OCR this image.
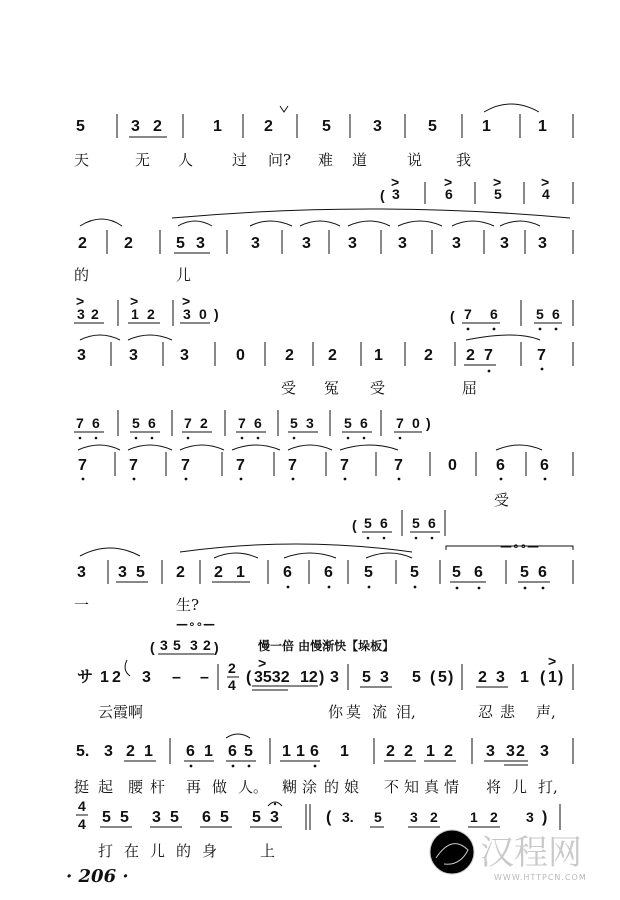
5	3 2	1	2	5	3	5	1	1
天	无 人	过 问? 难 道	说 我
( 3
>
6
>
5
>
4
>
2 2	5 3	3	3 3	3	3 3 3
的	儿
3 2
>
1 2
>
3 0
>
)	( 7 6	5 6
3	3	3	0	2 2 1	2 2 7	7
受 冤 受	屈
7 6 5 6 7 2 7 6 5 3 5 6 7 0 )
7	7	7	7	7	7	7	0 6 6
受
( 5 6 5 6
—∘∘—
3 3 5 2 2 1 6 6 5 5 5 6 5 6
一	生?
—∘∘—
( 3 5 3 2 )	慢一倍 由慢渐快【垛板】
サ 1 2 3 – –
2
4 ( 3532 12 )
>
3 5 3 5 ( 5 ) 2 3 1 ( 1 )
>
云霞啊	你 莫 流 泪,	忍 悲 声,
5. 3 2 1 6 1 6 5 1 1 6 1 2 2 1 2 3 3 2 3
挺 起 腰 杆 再 做 人。 糊 涂 的 娘 不 知 真 情 将 儿 打,
4
4 5 5 3 5 6 5 5 3	( 3. 5 3 2 1 2 3 )
打 在 儿 的 身	上
· 206 ·
汉程网
WWW.HTTPCN.COM
